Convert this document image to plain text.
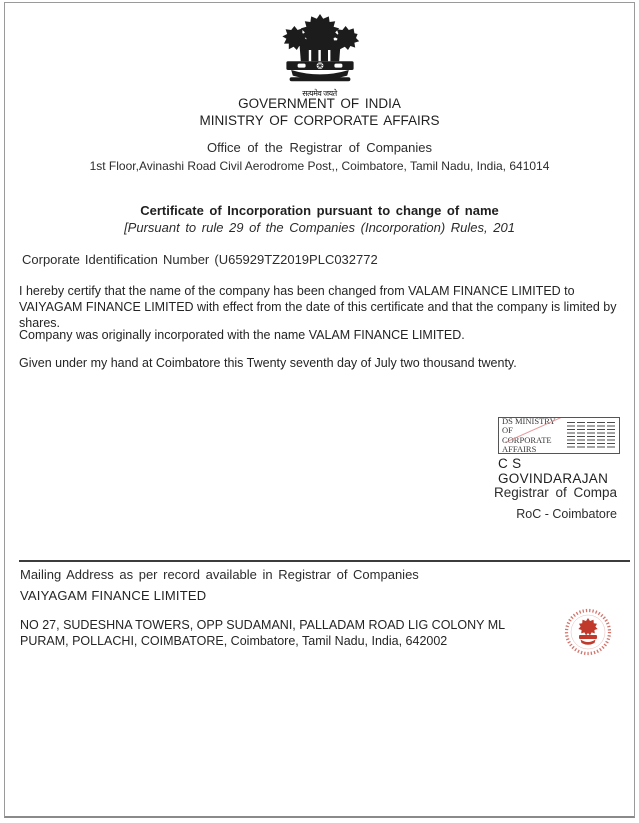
सत्यमेव जयते
GOVERNMENT OF INDIA
MINISTRY OF CORPORATE AFFAIRS
Office of the Registrar of Companies
1st Floor,Avinashi Road Civil Aerodrome Post,, Coimbatore, Tamil Nadu, India, 641014
Certificate of Incorporation pursuant to change of name
[Pursuant to rule 29 of the Companies (Incorporation) Rules, 201
Corporate Identification Number (U65929TZ2019PLC032772
I hereby certify that the name of the company has been changed from VALAM FINANCE LIMITED to VAIYAGAM FINANCE LIMITED with effect from the date of this certificate and that the company is limited by shares.
Company was originally incorporated with the name VALAM FINANCE LIMITED.
Given under my hand at Coimbatore this Twenty seventh day of July two thousand twenty.
DS MINISTRY OF CORPORATE AFFAIRS
C S GOVINDARAJAN
Registrar of Compa
RoC - Coimbatore
Mailing Address as per record available in Registrar of Companies
VAIYAGAM FINANCE LIMITED
NO 27, SUDESHNA TOWERS, OPP SUDAMANI, PALLADAM ROAD LIG COLONY ML PURAM, POLLACHI, COIMBATORE, Coimbatore, Tamil Nadu, India, 642002
